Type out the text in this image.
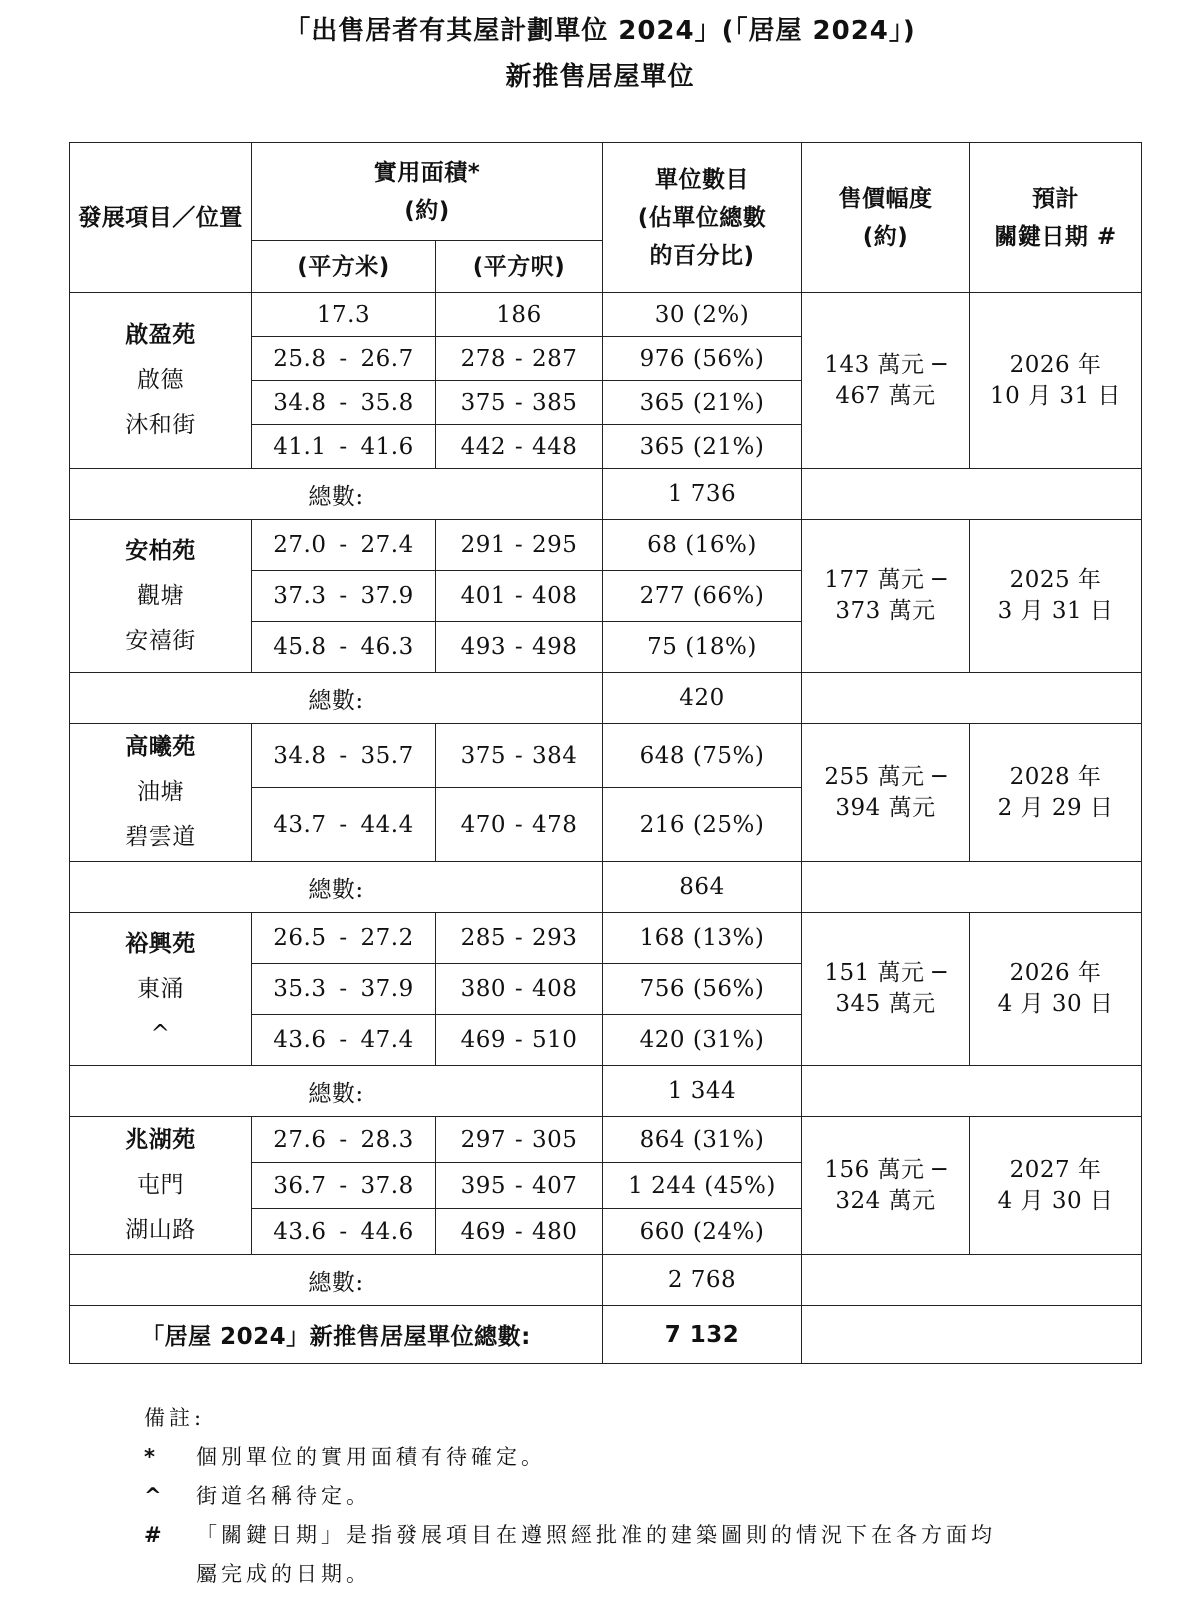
「出售居者有其屋計劃單位 2024」(「居屋 2024」)
新推售居屋單位
發展項目／位置	實用面積*
(約)		單位數目
(佔單位總數
的百分比)	售價幅度
(約)	預計
關鍵日期 #
	(平方米)	(平方呎)			

啟盈苑
啟德
沐和街	17.3	186	30 (2%)	143 萬元 ─
467 萬元	2026 年
10 月 31 日
	25.8 - 26.7	278 - 287	976 (56%)		
	34.8 - 35.8	375 - 385	365 (21%)		
	41.1 - 41.6	442 - 448	365 (21%)		
總數:			1 736		

安柏苑
觀塘
安禧街	27.0 - 27.4	291 - 295	68 (16%)	177 萬元 ─
373 萬元	2025 年
3 月 31 日
	37.3 - 37.9	401 - 408	277 (66%)		
	45.8 - 46.3	493 - 498	75 (18%)		
總數:			420		

高曦苑
油塘
碧雲道	34.8 - 35.7	375 - 384	648 (75%)	255 萬元 ─
394 萬元	2028 年
2 月 29 日
	43.7 - 44.4	470 - 478	216 (25%)		
總數:			864		

裕興苑
東涌
^	26.5 - 27.2	285 - 293	168 (13%)	151 萬元 ─
345 萬元	2026 年
4 月 30 日
	35.3 - 37.9	380 - 408	756 (56%)		
	43.6 - 47.4	469 - 510	420 (31%)		
總數:			1 344		

兆湖苑
屯門
湖山路	27.6 - 28.3	297 - 305	864 (31%)	156 萬元 ─
324 萬元	2027 年
4 月 30 日
	36.7 - 37.8	395 - 407	1 244 (45%)		
	43.6 - 44.6	469 - 480	660 (24%)		
總數:			2 768		
「居屋 2024」新推售居屋單位總數:			7 132		
備註:
*	個別單位的實用面積有待確定。
^	街道名稱待定。
#	「關鍵日期」是指發展項目在遵照經批准的建築圖則的情況下在各方面均屬完成的日期。
